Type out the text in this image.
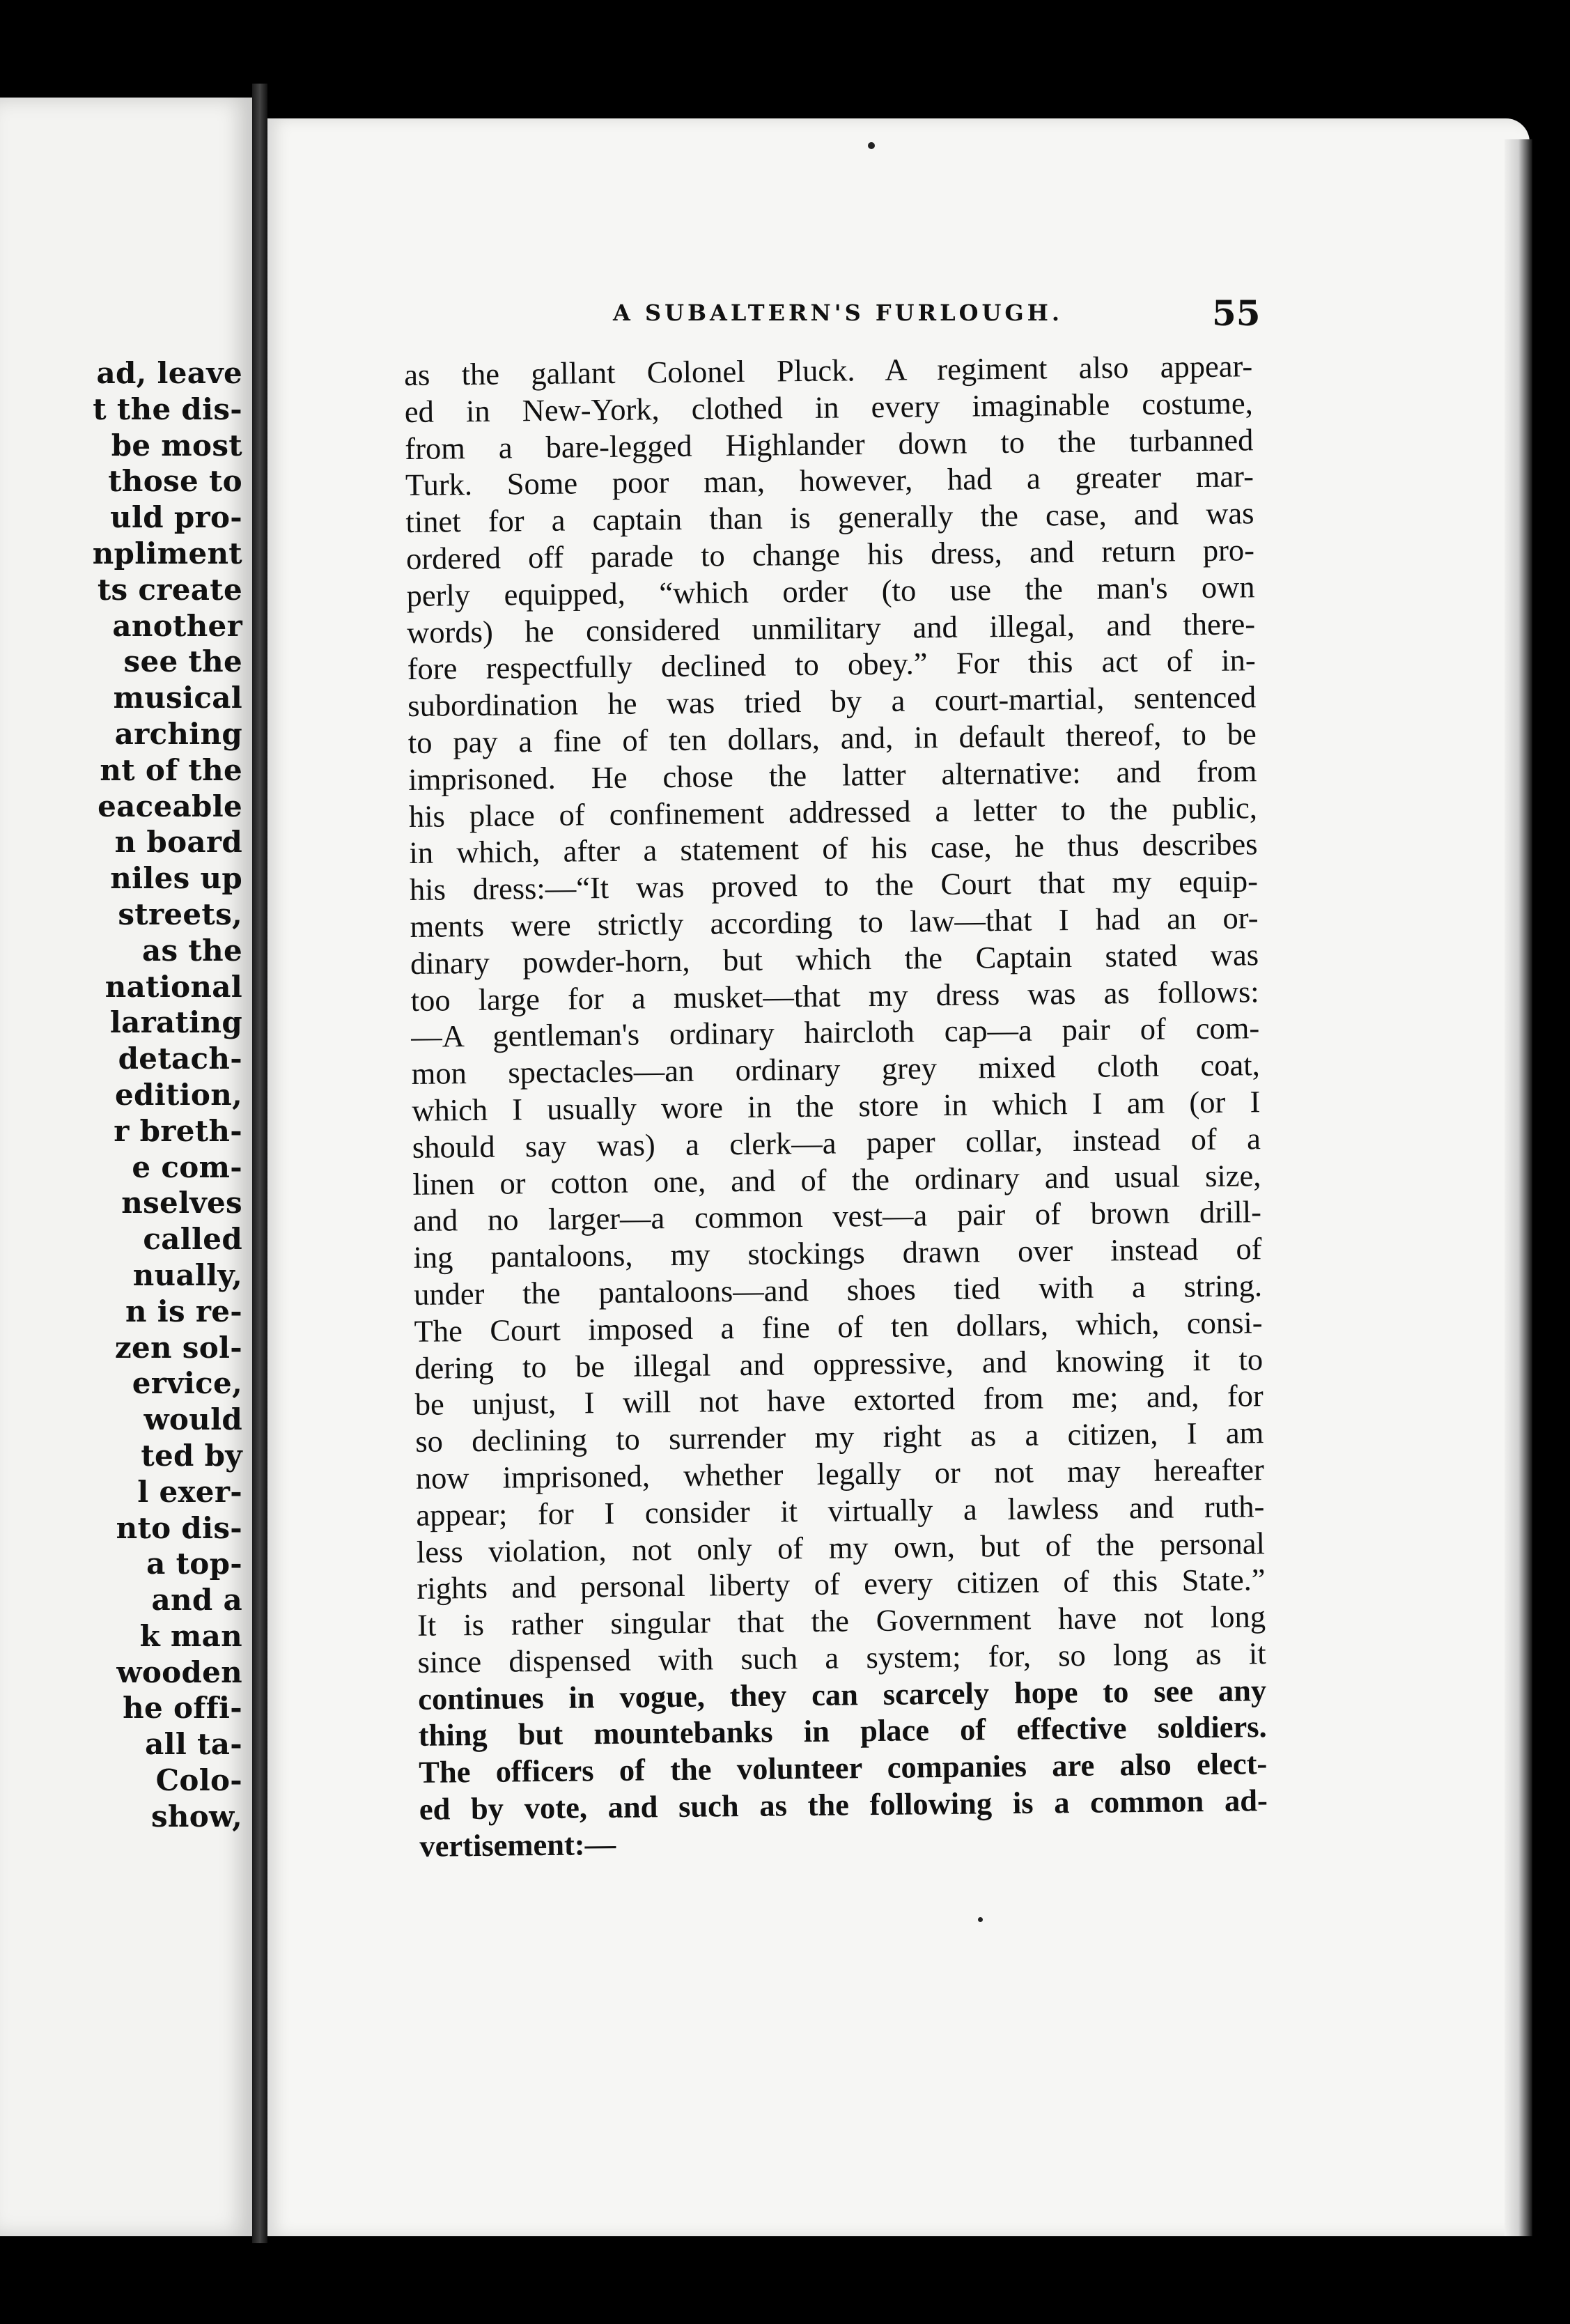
ad, leave
t the dis-
be most
those to
uld pro-
npliment
ts create
another
see the
musical
arching
nt of the
eaceable
n board
niles up
streets,
as the
national
larating
detach-
edition,
r breth-
e com-
nselves
called
nually,
n is re-
zen sol-
ervice,
would
ted by
l exer-
nto dis-
a top-
and a
k man
wooden
he offi-
all ta-
Colo-
show,
A SUBALTERN'S FURLOUGH.	55
as the gallant Colonel Pluck. A regiment also appear-
ed in New-York, clothed in every imaginable costume,
from a bare-legged Highlander down to the turbanned
Turk. Some poor man, however, had a greater mar-
tinet for a captain than is generally the case, and was
ordered off parade to change his dress, and return pro-
perly equipped, “which order (to use the man's own
words) he considered unmilitary and illegal, and there-
fore respectfully declined to obey.” For this act of in-
subordination he was tried by a court-martial, sentenced
to pay a fine of ten dollars, and, in default thereof, to be
imprisoned. He chose the latter alternative: and from
his place of confinement addressed a letter to the public,
in which, after a statement of his case, he thus describes
his dress:—“It was proved to the Court that my equip-
ments were strictly according to law—that I had an or-
dinary powder-horn, but which the Captain stated was
too large for a musket—that my dress was as follows:
—A gentleman's ordinary haircloth cap—a pair of com-
mon spectacles—an ordinary grey mixed cloth coat,
which I usually wore in the store in which I am (or I
should say was) a clerk—a paper collar, instead of a
linen or cotton one, and of the ordinary and usual size,
and no larger—a common vest—a pair of brown drill-
ing pantaloons, my stockings drawn over instead of
under the pantaloons—and shoes tied with a string.
The Court imposed a fine of ten dollars, which, consi-
dering to be illegal and oppressive, and knowing it to
be unjust, I will not have extorted from me; and, for
so declining to surrender my right as a citizen, I am
now imprisoned, whether legally or not may hereafter
appear; for I consider it virtually a lawless and ruth-
less violation, not only of my own, but of the personal
rights and personal liberty of every citizen of this State.”
It is rather singular that the Government have not long
since dispensed with such a system; for, so long as it
continues in vogue, they can scarcely hope to see any
thing but mountebanks in place of effective soldiers.
The officers of the volunteer companies are also elect-
ed by vote, and such as the following is a common ad-
vertisement:—
